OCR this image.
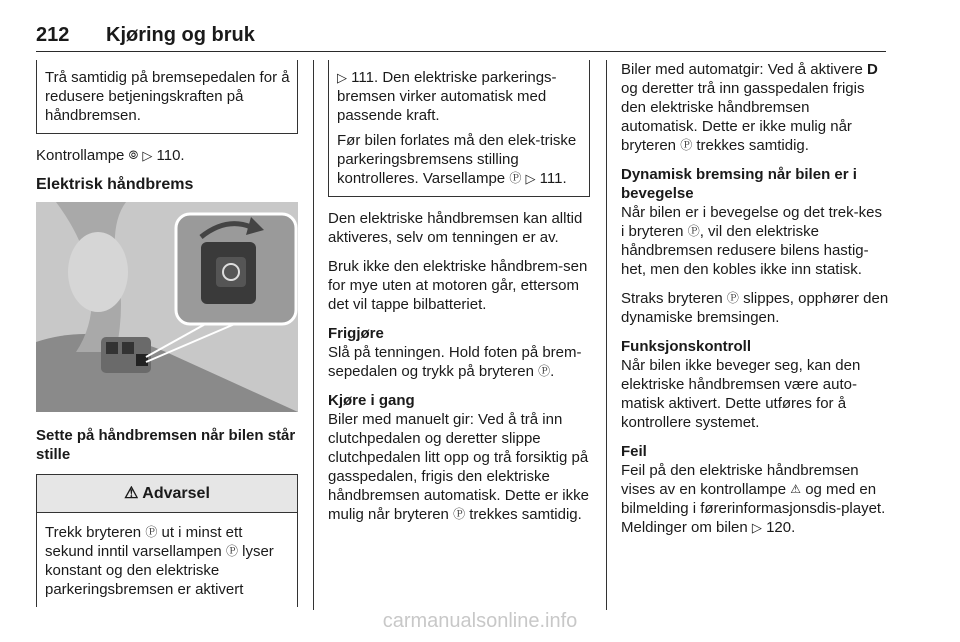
212 Kjøring og bruk
Trå samtidig på bremsepedalen for å redusere betjeningskraften på håndbremsen.

Kontrollampe ⦾ ▷ 110.

Elektrisk håndbrems

Sette på håndbremsen når bilen står stille

⚠ Advarsel
Trekk bryteren Ⓟ ut i minst ett sekund inntil varsellampen Ⓟ lyser konstant og den elektriske parkeringsbremsen er aktivert

▷ 111. Den elektriske parkerings-bremsen virker automatisk med passende kraft.

Før bilen forlates må den elek-triske parkeringsbremsens stilling kontrolleres. Varsellampe Ⓟ ▷ 111.

Den elektriske håndbremsen kan alltid aktiveres, selv om tenningen er av.

Bruk ikke den elektriske håndbrem-sen for mye uten at motoren går, ettersom det vil tappe bilbatteriet.

Frigjøre

Slå på tenningen. Hold foten på brem-sepedalen og trykk på bryteren Ⓟ.

Kjøre i gang

Biler med manuelt gir: Ved å trå inn clutchpedalen og deretter slippe clutchpedalen litt opp og trå forsiktig på gasspedalen, frigis den elektriske håndbremsen automatisk. Dette er ikke mulig når bryteren Ⓟ trekkes samtidig.

Biler med automatgir: Ved å aktivere D og deretter trå inn gasspedalen frigis den elektriske håndbremsen automatisk. Dette er ikke mulig når bryteren Ⓟ trekkes samtidig.

Dynamisk bremsing når bilen er i bevegelse

Når bilen er i bevegelse og det trek-kes i bryteren Ⓟ, vil den elektriske håndbremsen redusere bilens hastig-het, men den kobles ikke inn statisk.

Straks bryteren Ⓟ slippes, opphører den dynamiske bremsingen.

Funksjonskontroll

Når bilen ikke beveger seg, kan den elektriske håndbremsen være auto-matisk aktivert. Dette utføres for å kontrollere systemet.

Feil

Feil på den elektriske håndbremsen vises av en kontrollampe ⚠ og med en bilmelding i førerinformasjonsdis-playet. Meldinger om bilen ▷ 120.

carmanualsonline.info
